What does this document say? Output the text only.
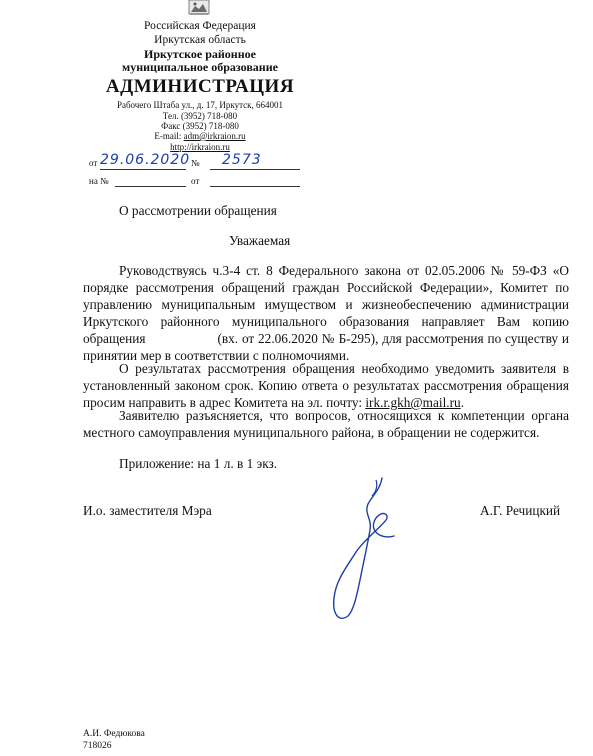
Российская Федерация
Иркутская область
Иркутское районное
муниципальное образование
АДМИНИСТРАЦИЯ
Рабочего Штаба ул., д. 17, Иркутск, 664001
Тел. (3952) 718-080
Факс (3952) 718-080
E-mail: adm@irkraion.ru
http://irkraion.ru
от 29.06.2020 № 2573
на №	от
О рассмотрении обращения
Уважаемая
Руководствуясь ч.3-4 ст. 8 Федерального закона от 02.05.2006 № 59-ФЗ «О порядке рассмотрения обращений граждан Российской Федерации», Комитет по управлению муниципальным имуществом и жизнеобеспечению администрации Иркутского районного муниципального образования направляет Вам копию обращения	(вх. от 22.06.2020 № Б-295), для рассмотрения по существу и принятии мер в соответствии с полномочиями.
О результатах рассмотрения обращения необходимо уведомить заявителя в установленный законом срок. Копию ответа о результатах рассмотрения обращения просим направить в адрес Комитета на эл. почту: irk.r.gkh@mail.ru.
Заявителю разъясняется, что вопросов, относящихся к компетенции органа местного самоуправления муниципального района, в обращении не содержится.
Приложение: на 1 л. в 1 экз.
И.о. заместителя Мэра	А.Г. Речицкий
А.И. Федюкова
718026
